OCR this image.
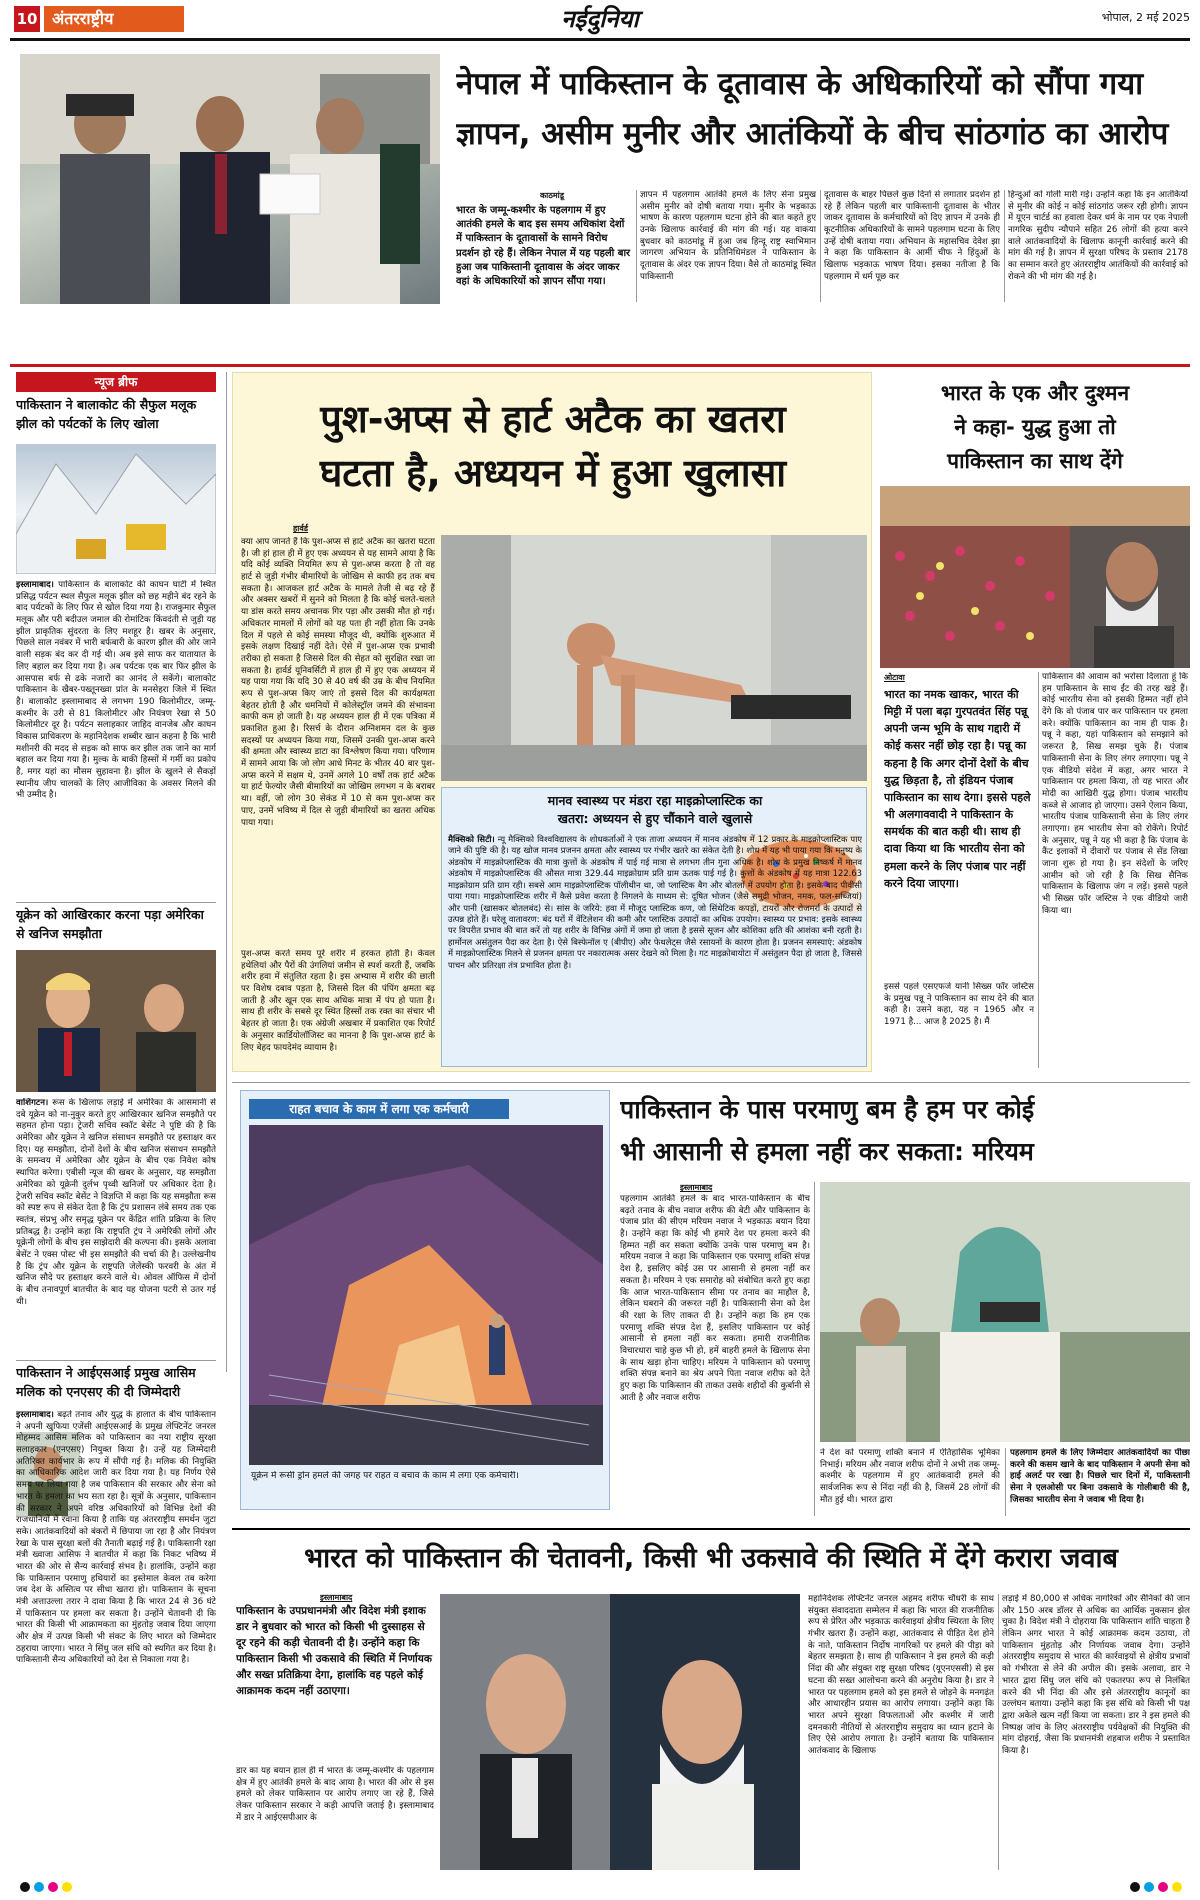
10 अंतरराष्ट्रीय	नईदुनिया	भोपाल, 2 मई 2025
नेपाल में पाकिस्तान के दूतावास के अधिकारियों को सौंपा गया
ज्ञापन, असीम मुनीर और आतंकियों के बीच सांठगांठ का आरोप
काठमांडू
भारत के जम्मू-कश्मीर के पहलगाम में हुए आतंकी हमले के बाद इस समय अधिकांश देशों में पाकिस्तान के दूतावासों के सामने विरोध प्रदर्शन हो रहे हैं। लेकिन नेपाल में यह पहली बार हुआ जब पाकिस्तानी दूतावास के अंदर जाकर वहां के अधिकारियों को ज्ञापन सौंपा गया।
ज्ञापन में पहलगाम आतंकी हमले के लिए सेना प्रमुख असीम मुनीर को दोषी बताया गया। मुनीर के भड़काऊ भाषण के कारण पहलगाम घटना होने की बात कहते हुए उनके खिलाफ कार्रवाई की मांग की गई। यह वाकया बुधवार को काठमांडू में हुआ जब हिन्दू राष्ट्र स्वाभिमान जागरण अभियान के प्रतिनिधिमंडल ने पाकिस्तान के दूतावास के अंदर एक ज्ञापन दिया। वैसे तो काठमांडू स्थित पाकिस्तानी
दूतावास के बाहर पिछले कुछ दिनों से लगातार प्रदर्शन हो रहे हैं लेकिन पहली बार पाकिस्तानी दूतावास के भीतर जाकर दूतावास के कर्मचारियों को दिए ज्ञापन में उनके ही कूटनीतिक अधिकारियों के सामने पहलगाम घटना के लिए उन्हें दोषी बताया गया। अभियान के महासचिव देवेश झा ने कहा कि पाकिस्तान के आर्मी चीफ ने हिंदुओं के खिलाफ भड़काऊ भाषण दिया। इसका नतीजा है कि पहलगाम में धर्म पूछ कर
हिन्दुओं को गोली मारी गई। उन्होंने कहा कि इन आतंकियों से मुनीर की कोई न कोई सांठगांठ जरूर रही होगी। ज्ञापन में यूएन चार्टर्ड का हवाला देकर धर्म के नाम पर एक नेपाली नागरिक सुदीप न्यौपाने सहित 26 लोगों की हत्या करने वाले आतंकवादियों के खिलाफ कानूनी कार्रवाई करने की मांग की गई है। ज्ञापन में सुरक्षा परिषद के प्रस्ताव 2178 का सम्मान करते हुए अंतरराष्ट्रीय आतंकियों की कार्रवाई को रोकने की भी मांग की गई है।
न्यूज ब्रीफ
पाकिस्तान ने बालाकोट की सैफुल मलूक झील को पर्यटकों के लिए खोला
इस्लामाबाद। पाकिस्तान के बालाकोट की काघन घाटी में स्थित प्रसिद्ध पर्यटन स्थल सैफुल मलूक झील को छह महीने बंद रहने के बाद पर्यटकों के लिए फिर से खोल दिया गया है। राजकुमार सैफुल मलूक और परी बदीउल जमाल की रोमांटिक किंवदंती से जुड़ी यह झील प्राकृतिक सुंदरता के लिए मशहूर है। खबर के अनुसार, पिछले साल नवंबर में भारी बर्फबारी के कारण झील की ओर जाने वाली सड़क बंद कर दी गई थी। अब इसे साफ कर यातायात के लिए बहाल कर दिया गया है। अब पर्यटक एक बार फिर झील के आसपास बर्फ से ढके नजारों का आनंद ले सकेंगे। बालाकोट पाकिस्तान के खैबर-पख्तूनख्वा प्रांत के मनसेहरा जिले में स्थित है। बालाकोट इस्लामाबाद से लगभग 190 किलोमीटर, जम्मू-कश्मीर के उरी से 81 किलोमीटर और नियंत्रण रेखा से 50 किलोमीटर दूर है। पर्यटन सलाहकार जाहिद वानजेब और काघन विकास प्राधिकरण के महानिदेशक शब्बीर खान कहना है कि भारी मशीनरी की मदद से सड़क को साफ कर झील तक जाने का मार्ग बहाल कर दिया गया है। मुल्क के बाकी हिस्सों में गर्मी का प्रकोप है, मगर यहां का मौसम सुहावना है। झील के खुलने से सैकड़ों स्थानीय जीप चालकों के लिए आजीविका के अवसर मिलने की भी उम्मीद है।
यूक्रेन को आखिरकार करना पड़ा अमेरिका से खनिज समझौता
वाशिंगटन। रूस के खिलाफ लड़ाई में अमेरिका के आसमानी से दबे यूक्रेन को ना-नुकुर करते हुए आखिरकार खनिज समझौते पर सहमत होना पड़ा। ट्रेजरी सचिव स्कॉट बेसेंट ने पुष्टि की है कि अमेरिका और यूक्रेन ने खनिज संसाधन समझौते पर हस्ताक्षर कर दिए। यह समझौता, दोनों देशों के बीच खनिज संसाधन समझौते के समन्वय में अमेरिका और यूक्रेन के बीच एक निवेश कोष स्थापित करेगा। एबीसी न्यूज की खबर के अनुसार, यह समझौता अमेरिका को यूक्रेनी दुर्लभ पृथ्वी खनिजों पर अधिकार देता है। ट्रेजरी सचिव स्कॉट बेसेंट ने विज्ञप्ति में कहा कि यह समझौता रूस को स्पष्ट रूप से संकेत देता है कि ट्रंप प्रशासन लंबे समय तक एक स्वतंत्र, संप्रभु और समृद्ध यूक्रेन पर केंद्रित शांति प्रक्रिया के लिए प्रतिबद्ध है। उन्होंने कहा कि राष्ट्रपति ट्रंप ने अमेरिकी लोगों और यूक्रेनी लोगों के बीच इस साझेदारी की कल्पना की। इसके अलावा बेसेंट ने एक्स पोस्ट भी इस समझौते की चर्चा की है। उल्लेखनीय है कि ट्रंप और यूक्रेन के राष्ट्रपति जेलेंस्की फरवरी के अंत में खनिज सौदे पर हस्ताक्षर करने वाले थे। ओवल ऑफिस में दोनों के बीच तनावपूर्ण बातचीत के बाद यह योजना पटरी से उतर गई थी।
पाकिस्तान ने आईएसआई प्रमुख आसिम मलिक को एनएसए की दी जिम्मेदारी
इस्लामाबाद। बढ़ते तनाव और युद्ध के हालात के बीच पाकिस्तान ने अपनी खुफिया एजेंसी आईएसआई के प्रमुख लेफ्टिनेंट जनरल मोहम्मद आसिम मलिक को पाकिस्तान का नया राष्ट्रीय सुरक्षा सलाहकार (एनएसए) नियुक्त किया है। उन्हें यह जिम्मेदारी अतिरिक्त कार्यभार के रूप में सौंपी गई है। मलिक की नियुक्ति का आधिकारिक आदेश जारी कर दिया गया है। यह निर्णय ऐसे समय पर लिया गया है जब पाकिस्तान की सरकार और सेना को भारत के हमला का भय सता रहा है। सूत्रों के अनुसार, पाकिस्तान की सरकार ने अपने वरिष्ठ अधिकारियों को विभिन्न देशों की राजधानियों में रवाना किया है ताकि यह अंतरराष्ट्रीय समर्थन जुटा सके। आतंकवादियों को बंकरों में छिपाया जा रहा है और नियंत्रण रेखा के पास सुरक्षा बलों की तैनाती बढ़ाई गई है। पाकिस्तानी रक्षा मंत्री ख्वाजा आसिफ ने बातचीत में कहा कि निकट भविष्य में भारत की ओर से सैन्य कार्रवाई संभव है। हालांकि, उन्होंने कहा कि पाकिस्तान परमाणु हथियारों का इस्तेमाल केवल तब करेगा जब देश के अस्तित्व पर सीधा खतरा हो। पाकिस्तान के सूचना मंत्री अत्ताउल्ला तरार ने दावा किया है कि भारत 24 से 36 घंटे में पाकिस्तान पर हमला कर सकता है। उन्होंने चेतावनी दी कि भारत की किसी भी आक्रामकता का मुंहतोड़ जवाब दिया जाएगा और क्षेत्र में उत्पन्न किसी भी संकट के लिए भारत को जिम्मेदार ठहराया जाएगा। भारत ने सिंधु जल संधि को स्थगित कर दिया है। पाकिस्तानी सैन्य अधिकारियों को देश से निकाला गया है।
पुश-अप्स से हार्ट अटैक का खतरा
घटता है, अध्ययन में हुआ खुलासा
हार्वर्ड
क्या आप जानते हैं कि पुश-अप्स से हार्ट अटैक का खतरा घटता है। जी हां हाल ही में हुए एक अध्ययन से यह सामने आया है कि यदि कोई व्यक्ति नियमित रूप से पुश-अप्स करता है तो वह हार्ट से जुड़ी गंभीर बीमारियों के जोखिम से काफी हद तक बच सकता है। आजकल हार्ट अटैक के मामले तेजी से बढ़ रहे हैं और अक्सर खबरों में सुनने को मिलता है कि कोई चलते-चलते या डांस करते समय अचानक गिर पड़ा और उसकी मौत हो गई। अधिकतर मामलों में लोगों को यह पता ही नहीं होता कि उनके दिल में पहले से कोई समस्या मौजूद थी, क्योंकि शुरुआत में इसके लक्षण दिखाई नहीं देते। ऐसे में पुश-अप्स एक प्रभावी तरीका हो सकता है जिससे दिल की सेहत को सुरक्षित रखा जा सकता है। हार्वर्ड यूनिवर्सिटी में हाल ही में हुए एक अध्ययन में यह पाया गया कि यदि 30 से 40 वर्ष की उम्र के बीच नियमित रूप से पुश-अप्स किए जाएं तो इससे दिल की कार्यक्षमता बेहतर होती है और धमनियों में कोलेस्ट्रॉल जमने की संभावना काफी कम हो जाती है। यह अध्ययन हाल ही में एक पत्रिका में प्रकाशित हुआ है। रिसर्च के दौरान अग्निशमन दल के कुछ सदस्यों पर अध्ययन किया गया, जिसमें उनकी पुश-अप्स करने की क्षमता और स्वास्थ्य डाटा का विश्लेषण किया गया। परिणाम में सामने आया कि जो लोग आधे मिनट के भीतर 40 बार पुश-अप्स करने में सक्षम थे, उनमें अगले 10 वर्षों तक हार्ट अटैक या हार्ट फेल्योर जैसी बीमारियों का जोखिम लगभग न के बराबर था। वहीं, जो लोग 30 सेकंड में 10 से कम पुश-अप्स कर पाए, उनमें भविष्य में दिल से जुड़ी बीमारियों का खतरा अधिक पाया गया।
पुश-अप्स करते समय पूरे शरीर में हरकत होती है। केवल हथेलियां और पैरों की उंगलियां जमीन से स्पर्श करती हैं, जबकि शरीर हवा में संतुलित रहता है। इस अभ्यास में शरीर की छाती पर विशेष दबाव पड़ता है, जिससे दिल की पंपिंग क्षमता बढ़ जाती है और खून एक साथ अधिक मात्रा में पंप हो पाता है। साथ ही शरीर के सबसे दूर स्थित हिस्सों तक रक्त का संचार भी बेहतर हो जाता है। एक अंग्रेजी अखबार में प्रकाशित एक रिपोर्ट के अनुसार कार्डियोलॉजिस्ट का मानना है कि पुश-अप्स हार्ट के लिए बेहद फायदेमंद व्यायाम है।
मानव स्वास्थ्य पर मंडरा रहा माइक्रोप्लास्टिक का
खतरा: अध्ययन से हुए चौंकाने वाले खुलासे
मैक्सिको सिटी। न्यू मैक्सिको विश्वविद्यालय के शोधकर्ताओं ने एक ताजा अध्ययन में मानव अंडकोष में 12 प्रकार के माइक्रोप्लास्टिक पाए जाने की पुष्टि की है। यह खोज मानव प्रजनन क्षमता और स्वास्थ्य पर गंभीर खतरे का संकेत देती है। शोध में यह भी पाया गया कि मनुष्य के अंडकोष में माइक्रोप्लास्टिक की मात्रा कुत्तों के अंडकोष में पाई गई मात्रा से लगभग तीन गुना अधिक है। शोध के प्रमुख निष्कर्ष में मानव अंडकोष में माइक्रोप्लास्टिक की औसत मात्रा 329.44 माइक्रोग्राम प्रति ग्राम ऊतक पाई गई है। कुत्तों के अंडकोष में यह मात्रा 122.63 माइक्रोग्राम प्रति ग्राम रही। सबसे आम माइक्रोप्लास्टिक पॉलीथीन था, जो प्लास्टिक बैग और बोतलों में उपयोग होता है। इसके बाद पीवीसी पाया गया। माइक्रोप्लास्टिक शरीर में कैसे प्रवेश करता है निगलने के माध्यम से: दूषित भोजन (जैसे समुद्री भोजन, नमक, फल-सब्जियां) और पानी (खासकर बोतलबंद) से। सांस के जरिये: हवा में मौजूद प्लास्टिक कण, जो सिंथेटिक कपड़ों, टायरों और रोजमर्रा के उत्पादों से उत्पन्न होते हैं। घरेलू वातावरण: बंद घरों में वेंटिलेशन की कमी और प्लास्टिक उत्पादों का अधिक उपयोग। स्वास्थ्य पर प्रभाव: इसके स्वास्थ्य पर विपरीत प्रभाव की बात करें तो यह शरीर के विभिन्न अंगों में जमा हो जाता है इससे सूजन और कोशिका क्षति की आशंका बनी रहती है। हार्मोनल असंतुलन पैदा कर देता है। ऐसे बिस्फेनॉल ए (बीपीए) और फेथलेट्स जैसे रसायनों के कारण होता है। प्रजनन समस्याएं: अंडकोष में माइक्रोप्लास्टिक मिलने से प्रजनन क्षमता पर नकारात्मक असर देखने को मिला है। गट माइक्रोबायोटा में असंतुलन पैदा हो जाता है, जिससे पाचन और प्रतिरक्षा तंत्र प्रभावित होता है।
भारत के एक और दुश्मन
ने कहा- युद्ध हुआ तो
पाकिस्तान का साथ देंगे
ओटावा
भारत का नमक खाकर, भारत की मिट्टी में पला बढ़ा गुरपतवंत सिंह पन्नू अपनी जन्म भूमि के साथ गद्दारी में कोई कसर नहीं छोड़ रहा है। पन्नू का कहना है कि अगर दोनों देशों के बीच युद्ध छिड़ता है, तो इंडियन पंजाब पाकिस्तान का साथ देगा। इससे पहले भी अलगाववादी ने पाकिस्तान के समर्थक की बात कही थी। साथ ही दावा किया था कि भारतीय सेना को हमला करने के लिए पंजाब पार नहीं करने दिया जाएगा।
इससे पहले एसएफजे यानी सिख्स फॉर जस्टिस के प्रमुख पन्नू ने पाकिस्तान का साथ देने की बात कही है। उसने कहा, यह न 1965 और न 1971 है... आज है 2025 है। मैं
पाकिस्तान की आवाम को भरोसा दिलाता हूं कि हम पाकिस्तान के साथ ईंट की तरह खड़े हैं। कोई भारतीय सेना को इसकी हिम्मत नहीं होने देंगे कि वो पंजाब पार कर पाकिस्तान पर हमला करे। क्योंकि पाकिस्तान का नाम ही पाक है। पन्नू ने कहा, यहां पाकिस्तान को समझाने को जरूरत है, सिख समझ चुके हैं। पंजाब पाकिस्तानी सेना के लिए लंगर लगाएगा। पन्नू ने एक वीडियो संदेश में कहा, अगर भारत ने पाकिस्तान पर हमला किया, तो यह भारत और मोदी का आखिरी युद्ध होगा। पंजाब भारतीय कब्जे से आजाद हो जाएगा। उसने ऐलान किया, भारतीय पंजाब पाकिस्तानी सेना के लिए लंगर लगाएगा। हम भारतीय सेना को रोकेंगे। रिपोर्ट के अनुसार, पन्नू ने यह भी कहा है कि पंजाब के कैंट इलाकों में दीवारों पर पंजाब से सेंड लिखा जाना शुरू हो गया है। इन संदेशों के जरिए आमीन को जो रही है कि सिख सैनिक पाकिस्तान के खिलाफ जंग न लड़ें। इससे पहले भी सिख्स फॉर जस्टिस ने एक वीडियो जारी किया था।
राहत बचाव के काम में लगा एक कर्मचारी
यूक्रेन में रूसी ड्रोन हमले की जगह पर राहत व बचाव के काम में लगा एक कर्मचारी।
पाकिस्तान के पास परमाणु बम है हम पर कोई
भी आसानी से हमला नहीं कर सकता: मरियम
इस्लामाबाद
पहलगाम आतंकी हमले के बाद भारत-पाकिस्तान के बीच बढ़ते तनाव के बीच नवाज शरीफ की बेटी और पाकिस्तान के पंजाब प्रांत की सीएम मरियम नवाज ने भड़काऊ बयान दिया है। उन्होंने कहा कि कोई भी हमारे देश पर हमला करने की हिम्मत नहीं कर सकता क्योंकि उनके पास परमाणु बम है। मरियम नवाज ने कहा कि पाकिस्तान एक परमाणु शक्ति संपन्न देश है, इसलिए कोई उस पर आसानी से हमला नहीं कर सकता है। मरियम ने एक समारोह को संबोधित करते हुए कहा कि आज भारत-पाकिस्तान सीमा पर तनाव का माहौल है, लेकिन घबराने की जरूरत नहीं है। पाकिस्तानी सेना को देश की रक्षा के लिए ताकत दी है। उन्होंने कहा कि हम एक परमाणु शक्ति संपन्न देश हैं, इसलिए पाकिस्तान पर कोई आसानी से हमला नहीं कर सकता। हमारी राजनीतिक विचारधारा चाहे कुछ भी हो, हमें बाहरी हमले के खिलाफ सेना के साथ खड़ा होना चाहिए। मरियम ने पाकिस्तान को परमाणु शक्ति संपन्न बनाने का श्रेय अपने पिता नवाज शरीफ को देते हुए कहा कि पाकिस्तान की ताकत उसके शहीदों की कुर्बानी से आती है और नवाज शरीफ
ने देश को परमाणु शक्ति बनाने में ऐतिहासिक भूमिका निभाई। मरियम और नवाज शरीफ दोनों ने अभी तक जम्मू-कश्मीर के पहलगाम में हुए आतंकवादी हमले की सार्वजनिक रूप से निंदा नहीं की है, जिसमें 28 लोगों की मौत हुई थी। भारत द्वारा
पहलगाम हमले के लिए जिम्मेदार आतंकवादियों का पीछा करने की कसम खाने के बाद पाकिस्तान ने अपनी सेना को हाई अलर्ट पर रखा है। पिछले चार दिनों में, पाकिस्तानी सेना ने एलओसी पर बिना उकसावे के गोलीबारी की है, जिसका भारतीय सेना ने जवाब भी दिया है।
भारत को पाकिस्तान की चेतावनी, किसी भी उकसावे की स्थिति में देंगे करारा जवाब
इस्लामाबाद
पाकिस्तान के उपप्रधानमंत्री और विदेश मंत्री इशाक डार ने बुधवार को भारत को किसी भी दुस्साहस से दूर रहने की कड़ी चेतावनी दी है। उन्होंने कहा कि पाकिस्तान किसी भी उकसावे की स्थिति में निर्णायक और सख्त प्रतिक्रिया देगा, हालांकि वह पहले कोई आक्रामक कदम नहीं उठाएगा।
डार का यह बयान हाल ही में भारत के जम्मू-कश्मीर के पहलगाम क्षेत्र में हुए आतंकी हमले के बाद आया है। भारत की ओर से इस हमले को लेकर पाकिस्तान पर आरोप लगाए जा रहे हैं, जिसे लेकर पाकिस्तान सरकार ने कड़ी आपत्ति जताई है। इस्लामाबाद में डार ने आईएसपीआर के
महानिदेशक लेफ्टिनेंट जनरल अहमद शरीफ चौधरी के साथ संयुक्त संवाददाता सम्मेलन में कहा कि भारत की राजनीतिक रूप से प्रेरित और भड़काऊ कार्रवाइयां क्षेत्रीय स्थिरता के लिए गंभीर खतरा हैं। उन्होंने कहा, आतंकवाद से पीड़ित देश होने के नाते, पाकिस्तान निर्दोष नागरिकों पर हमले की पीड़ा को बेहतर समझता है। साथ ही पाकिस्तान ने इस हमले की कड़ी निंदा की और संयुक्त राष्ट्र सुरक्षा परिषद (यूएनएससी) से इस घटना की सख्त आलोचना करने की अनुरोध किया है। डार ने भारत पर पहलगाम हमले को इस हमले से जोड़ने के मनगढ़ंत और आधारहीन प्रयास का आरोप लगाया। उन्होंने कहा कि भारत अपने सुरक्षा विफलताओं और कश्मीर में जारी दमनकारी नीतियों से अंतरराष्ट्रीय समुदाय का ध्यान हटाने के लिए ऐसे आरोप लगाता है। उन्होंने बताया कि पाकिस्तान आतंकवाद के खिलाफ
लड़ाई में 80,000 से अधिक नागरिकों और सैनिकों की जान और 150 अरब डॉलर से अधिक का आर्थिक नुकसान झेल चुका है। विदेश मंत्री ने दोहराया कि पाकिस्तान शांति चाहता है लेकिन अगर भारत ने कोई आक्रामक कदम उठाया, तो पाकिस्तान मुंहतोड़ और निर्णायक जवाब देगा। उन्होंने अंतरराष्ट्रीय समुदाय से भारत की कार्रवाइयों से क्षेत्रीय प्रभावों को गंभीरता से लेने की अपील की। इसके अलावा, डार ने भारत द्वारा सिंधु जल संधि को एकतरफा रूप से निलंबित करने की भी निंदा की और इसे अंतरराष्ट्रीय कानूनों का उल्लंघन बताया। उन्होंने कहा कि इस संधि को किसी भी पक्ष द्वारा अकेले खत्म नहीं किया जा सकता। डार ने इस हमले की निष्पक्ष जांच के लिए अंतरराष्ट्रीय पर्यवेक्षकों की नियुक्ति की मांग दोहराई, जैसा कि प्रधानमंत्री शहबाज शरीफ ने प्रस्तावित किया है।
